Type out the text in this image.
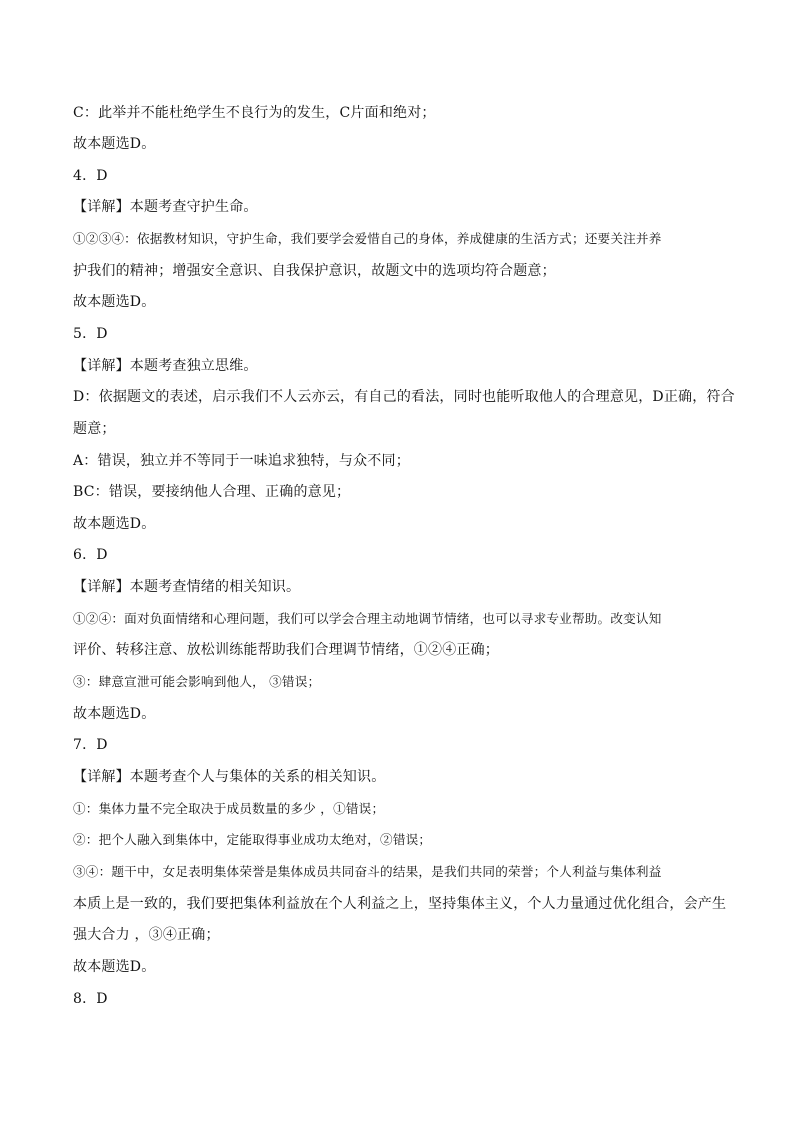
C：此举并不能杜绝学生不良行为的发生，C片面和绝对；
故本题选D。
4．D
【详解】本题考查守护生命。
①②③④：依据教材知识，守护生命，我们要学会爱惜自己的身体，养成健康的生活方式；还要关注并养
护我们的精神；增强安全意识、自我保护意识，故题文中的选项均符合题意；
故本题选D。
5．D
【详解】本题考查独立思维。
D：依据题文的表述，启示我们不人云亦云，有自己的看法，同时也能听取他人的合理意见，D正确，符合
题意；
A：错误，独立并不等同于一味追求独特，与众不同；
BC：错误，要接纳他人合理、正确的意见；
故本题选D。
6．D
【详解】本题考查情绪的相关知识。
①②④：面对负面情绪和心理问题，我们可以学会合理主动地调节情绪，也可以寻求专业帮助。改变认知
评价、转移注意、放松训练能帮助我们合理调节情绪，①②④正确；
③：肆意宣泄可能会影响到他人， ③错误；
故本题选D。
7．D
【详解】本题考查个人与集体的关系的相关知识。
①：集体力量不完全取决于成员数量的多少 ，①错误；
②：把个人融入到集体中，定能取得事业成功太绝对，②错误；
③④：题干中，女足表明集体荣誉是集体成员共同奋斗的结果，是我们共同的荣誉；个人利益与集体利益
本质上是一致的，我们要把集体利益放在个人利益之上，坚持集体主义，个人力量通过优化组合，会产生
强大合力 ，③④正确；
故本题选D。
8．D
